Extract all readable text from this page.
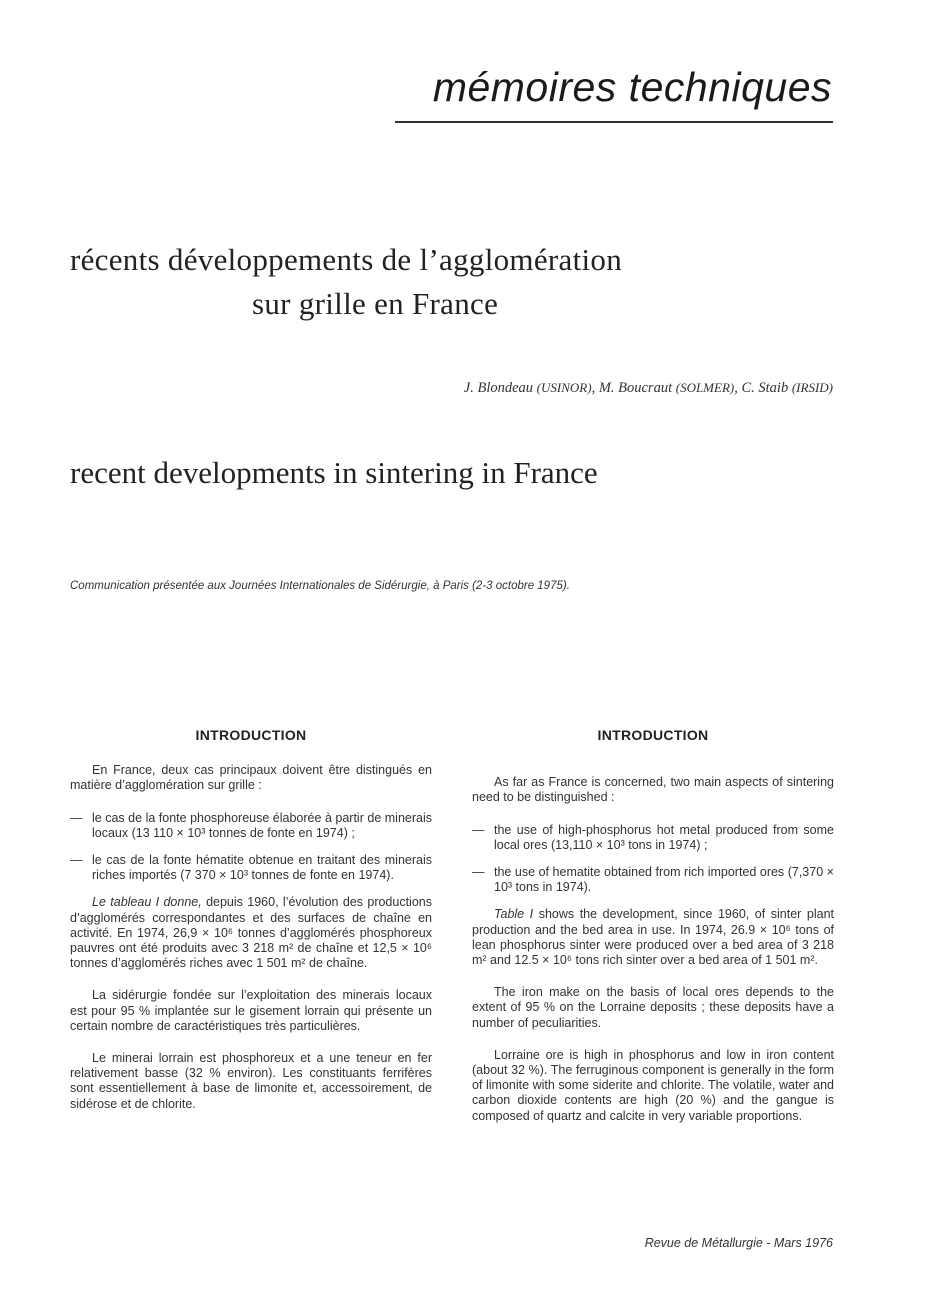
mémoires techniques
récents développements de l’agglomération
sur grille en France
J. Blondeau (USINOR), M. Boucraut (SOLMER), C. Staib (IRSID)
recent developments in sintering in France
Communication présentée aux Journées Internationales de Sidérurgie, à Paris (2-3 octobre 1975).
INTRODUCTION

En France, deux cas principaux doivent être distingués en matière d’agglomération sur grille :

— le cas de la fonte phosphoreuse élaborée à partir de minerais locaux (13 110 × 10³ tonnes de fonte en 1974) ;
— le cas de la fonte hématite obtenue en traitant des minerais riches importés (7 370 × 10³ tonnes de fonte en 1974).

Le tableau I donne, depuis 1960, l’évolution des productions d’agglomérés correspondantes et des surfaces de chaîne en activité. En 1974, 26,9 × 10⁶ tonnes d’agglomérés phosphoreux pauvres ont été produits avec 3 218 m² de chaîne et 12,5 × 10⁶ tonnes d’agglomérés riches avec 1 501 m² de chaîne.

La sidérurgie fondée sur l’exploitation des minerais locaux est pour 95 % implantée sur le gisement lorrain qui présente un certain nombre de caractéristiques très particulières.

Le minerai lorrain est phosphoreux et a une teneur en fer relativement basse (32 % environ). Les constituants ferrifères sont essentiellement à base de limonite et, accessoirement, de sidérose et de chlorite.

INTRODUCTION

As far as France is concerned, two main aspects of sintering need to be distinguished :

— the use of high-phosphorus hot metal produced from some local ores (13,110 × 10³ tons in 1974) ;
— the use of hematite obtained from rich imported ores (7,370 × 10³ tons in 1974).

Table I shows the development, since 1960, of sinter plant production and the bed area in use. In 1974, 26.9 × 10⁶ tons of lean phosphorus sinter were produced over a bed area of 3 218 m² and 12.5 × 10⁶ tons rich sinter over a bed area of 1 501 m².

The iron make on the basis of local ores depends to the extent of 95 % on the Lorraine deposits ; these deposits have a number of peculiarities.

Lorraine ore is high in phosphorus and low in iron content (about 32 %). The ferruginous component is generally in the form of limonite with some siderite and chlorite. The volatile, water and carbon dioxide contents are high (20 %) and the gangue is composed of quartz and calcite in very variable proportions.

Revue de Métallurgie - Mars 1976
